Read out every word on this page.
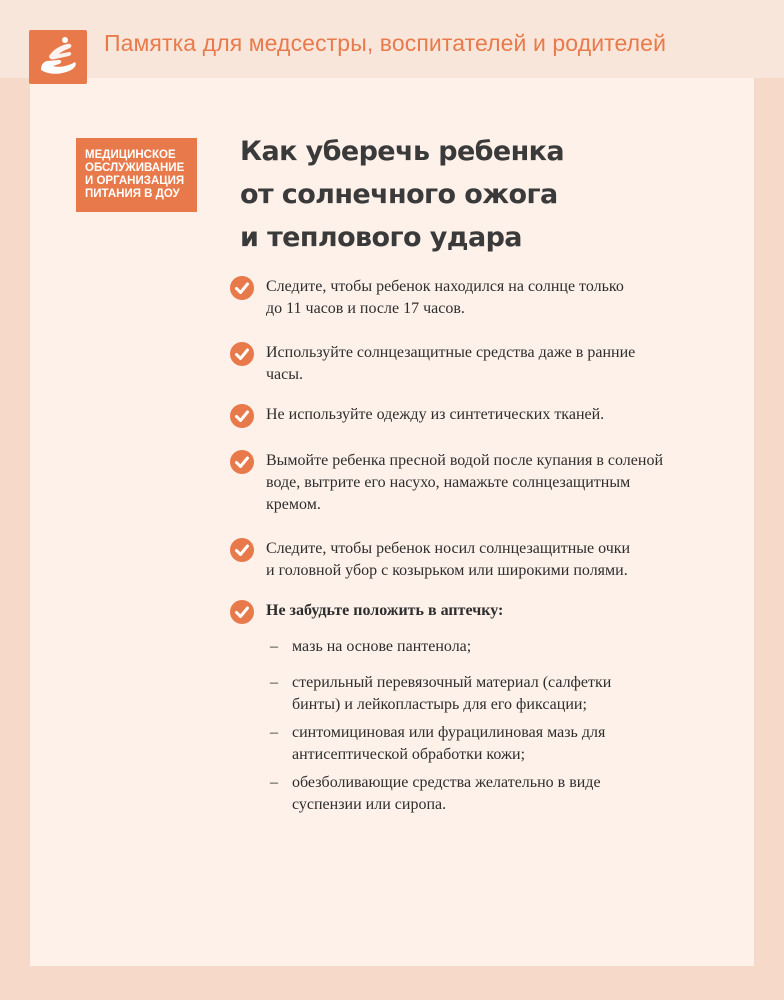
Памятка для медсестры, воспитателей и родителей
МЕДИЦИНСКОЕ
ОБСЛУЖИВАНИЕ
И ОРГАНИЗАЦИЯ
ПИТАНИЯ В ДОУ
Как уберечь ребенка
от солнечного ожога
и теплового удара
Следите, чтобы ребенок находился на солнце только
до 11 часов и после 17 часов.
Используйте солнцезащитные средства даже в ранние
часы.
Не используйте одежду из синтетических тканей.
Вымойте ребенка пресной водой после купания в соленой
воде, вытрите его насухо, намажьте солнцезащитным
кремом.
Следите, чтобы ребенок носил солнцезащитные очки
и головной убор с козырьком или широкими полями.
Не забудьте положить в аптечку:
– мазь на основе пантенола;
– стерильный перевязочный материал (салфетки
бинты) и лейкопластырь для его фиксации;
– синтомициновая или фурацилиновая мазь для
антисептической обработки кожи;
– обезболивающие средства желательно в виде
суспензии или сиропа.
